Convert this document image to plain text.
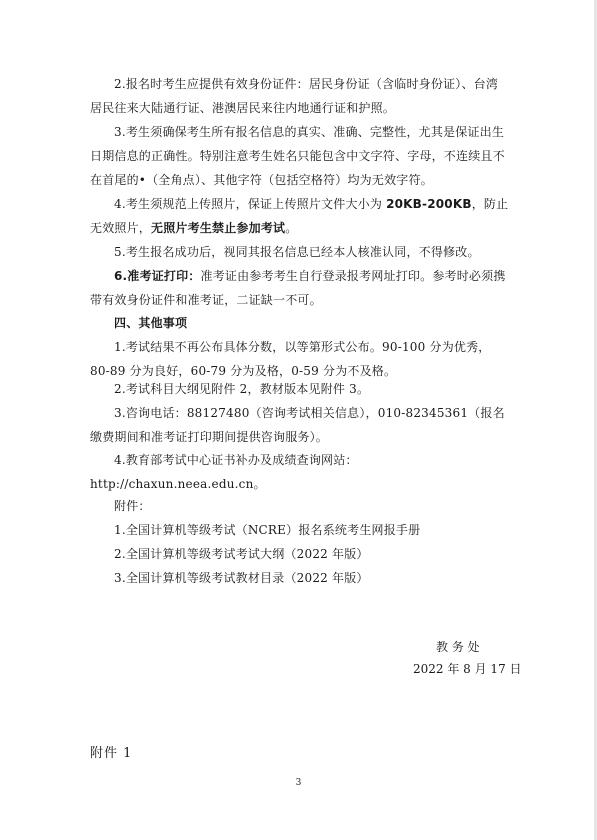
2.报名时考生应提供有效身份证件：居民身份证（含临时身份证）、台湾居民往来大陆通行证、港澳居民来往内地通行证和护照。

3.考生须确保考生所有报名信息的真实、准确、完整性，尤其是保证出生日期信息的正确性。特别注意考生姓名只能包含中文字符、字母，不连续且不在首尾的•（全角点）、其他字符（包括空格符）均为无效字符。

4.考生须规范上传照片，保证上传照片文件大小为 20KB-200KB，防止无效照片，无照片考生禁止参加考试。

5.考生报名成功后，视同其报名信息已经本人核准认同，不得修改。

6.准考证打印：准考证由参考考生自行登录报考网址打印。参考时必须携带有效身份证件和准考证，二证缺一不可。

四、其他事项

1.考试结果不再公布具体分数，以等第形式公布。90-100 分为优秀，80-89 分为良好，60-79 分为及格，0-59 分为不及格。

2.考试科目大纲见附件 2，教材版本见附件 3。

3.咨询电话：88127480（咨询考试相关信息），010-82345361（报名缴费期间和准考证打印期间提供咨询服务）。

4.教育部考试中心证书补办及成绩查询网站：http://chaxun.neea.edu.cn。

附件：

1.全国计算机等级考试（NCRE）报名系统考生网报手册

2.全国计算机等级考试考试大纲（2022 年版）

3.全国计算机等级考试教材目录（2022 年版）

教 务 处
2022 年 8 月 17 日
附件 1
3
